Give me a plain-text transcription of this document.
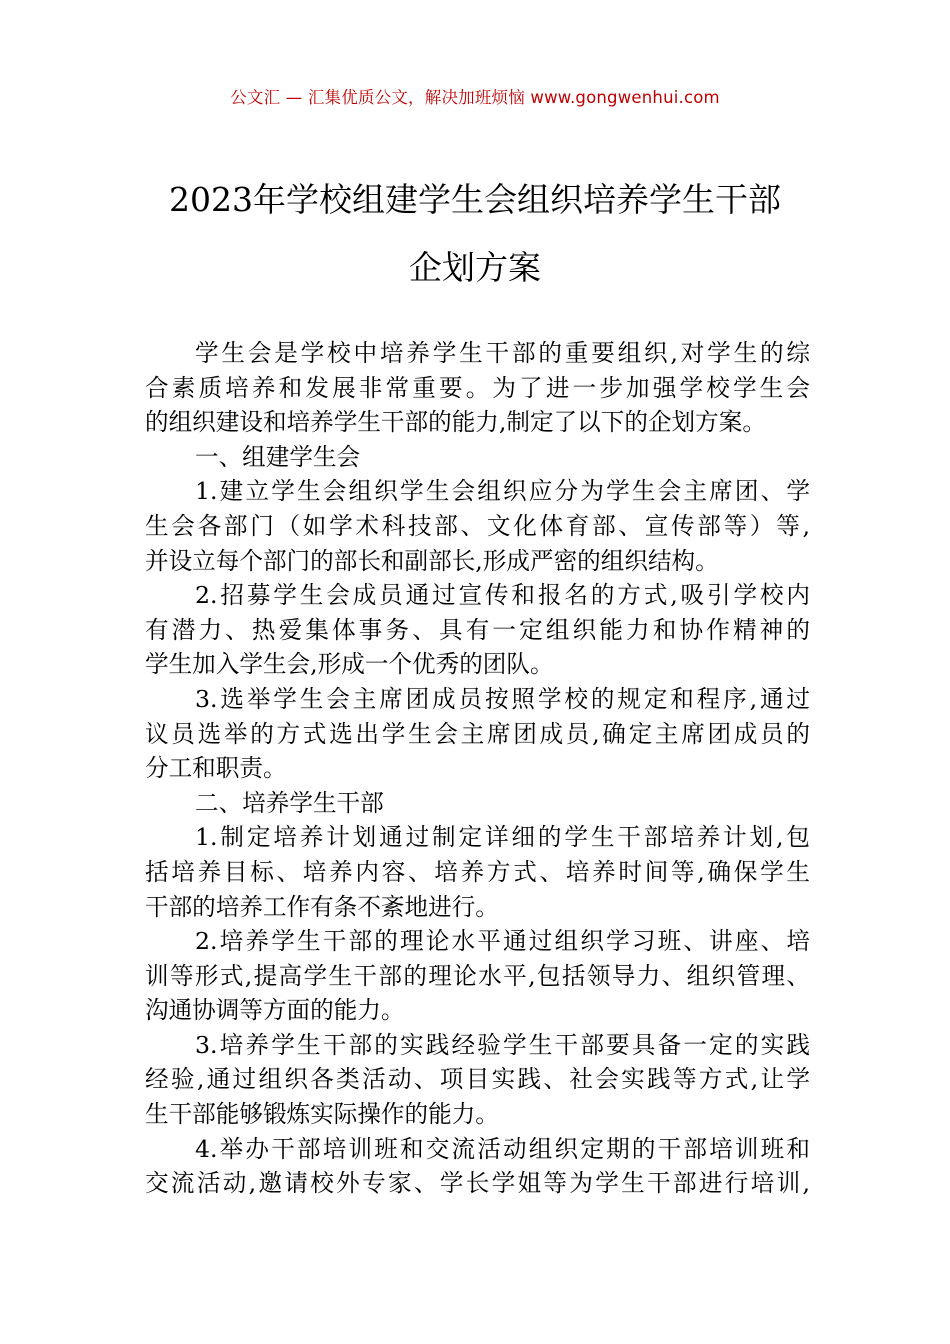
公文汇 — 汇集优质公文，解决加班烦恼 www.gongwenhui.com
2023年学校组建学生会组织培养学生干部
企划方案
学生会是学校中培养学生干部的重要组织,对学生的综
合素质培养和发展非常重要。为了进一步加强学校学生会
的组织建设和培养学生干部的能力,制定了以下的企划方案。
一、组建学生会
1.建立学生会组织学生会组织应分为学生会主席团、学
生会各部门（如学术科技部、文化体育部、宣传部等）等,
并设立每个部门的部长和副部长,形成严密的组织结构。
2.招募学生会成员通过宣传和报名的方式,吸引学校内
有潜力、热爱集体事务、具有一定组织能力和协作精神的
学生加入学生会,形成一个优秀的团队。
3.选举学生会主席团成员按照学校的规定和程序,通过
议员选举的方式选出学生会主席团成员,确定主席团成员的
分工和职责。
二、培养学生干部
1.制定培养计划通过制定详细的学生干部培养计划,包
括培养目标、培养内容、培养方式、培养时间等,确保学生
干部的培养工作有条不紊地进行。
2.培养学生干部的理论水平通过组织学习班、讲座、培
训等形式,提高学生干部的理论水平,包括领导力、组织管理、
沟通协调等方面的能力。
3.培养学生干部的实践经验学生干部要具备一定的实践
经验,通过组织各类活动、项目实践、社会实践等方式,让学
生干部能够锻炼实际操作的能力。
4.举办干部培训班和交流活动组织定期的干部培训班和
交流活动,邀请校外专家、学长学姐等为学生干部进行培训,
